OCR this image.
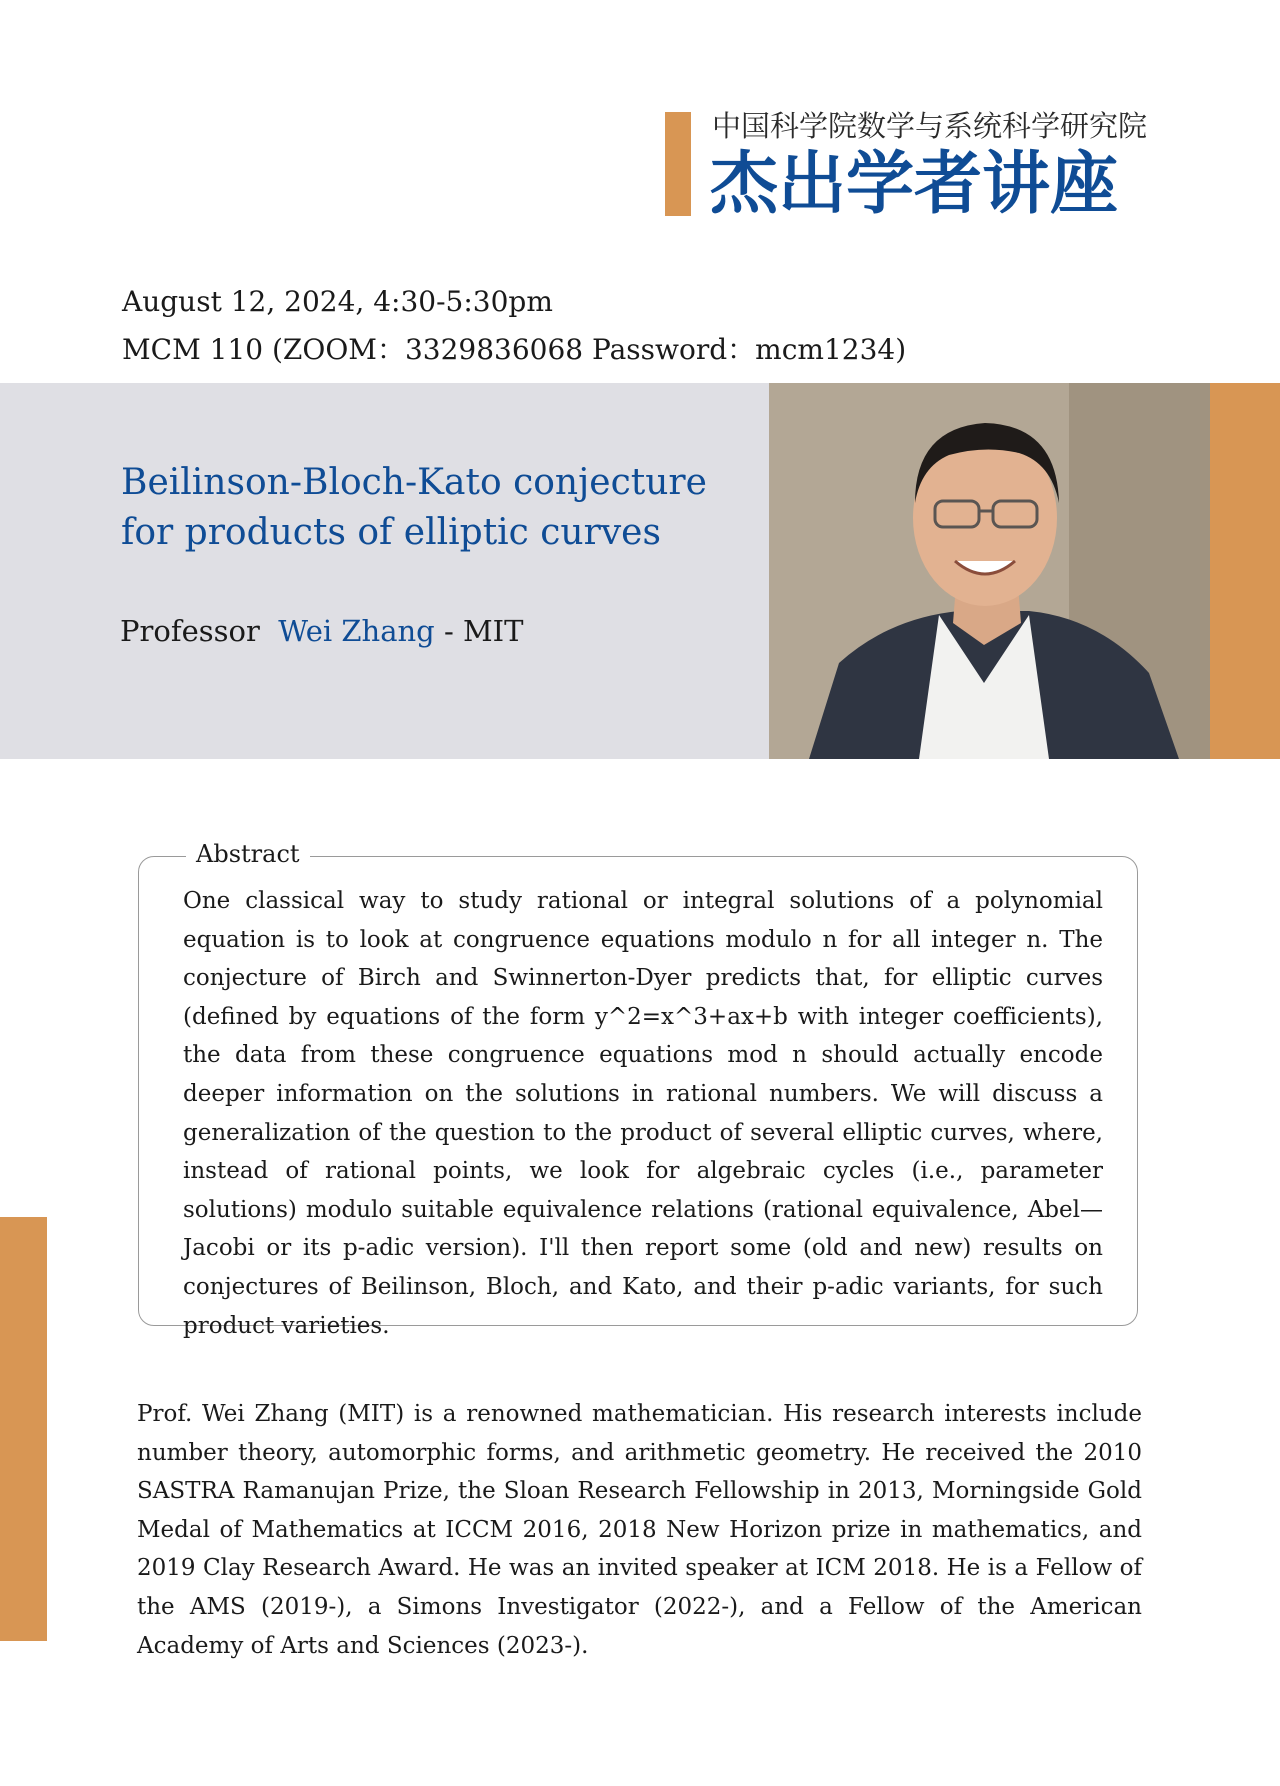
中国科学院数学与系统科学研究院
杰出学者讲座
August 12, 2024, 4:30-5:30pm
MCM 110 (ZOOM：3329836068 Password：mcm1234)
Beilinson-Bloch-Kato conjecture for products of elliptic curves
Professor Wei Zhang - MIT
Abstract
One classical way to study rational or integral solutions of a polynomial equation is to look at congruence equations modulo n for all integer n. The conjecture of Birch and Swinnerton-Dyer predicts that, for elliptic curves (defined by equations of the form y^2=x^3+ax+b with integer coefficients), the data from these congruence equations mod n should actually encode deeper information on the solutions in rational numbers. We will discuss a generalization of the question to the product of several elliptic curves, where, instead of rational points, we look for algebraic cycles (i.e., parameter solutions) modulo suitable equivalence relations (rational equivalence, Abel—Jacobi or its p-adic version). I'll then report some (old and new) results on conjectures of Beilinson, Bloch, and Kato, and their p-adic variants, for such product varieties.
Prof. Wei Zhang (MIT) is a renowned mathematician. His research interests include number theory, automorphic forms, and arithmetic geometry. He received the 2010 SASTRA Ramanujan Prize, the Sloan Research Fellowship in 2013, Morningside Gold Medal of Mathematics at ICCM 2016, 2018 New Horizon prize in mathematics, and 2019 Clay Research Award. He was an invited speaker at ICM 2018. He is a Fellow of the AMS (2019-), a Simons Investigator (2022-), and a Fellow of the American Academy of Arts and Sciences (2023-).
